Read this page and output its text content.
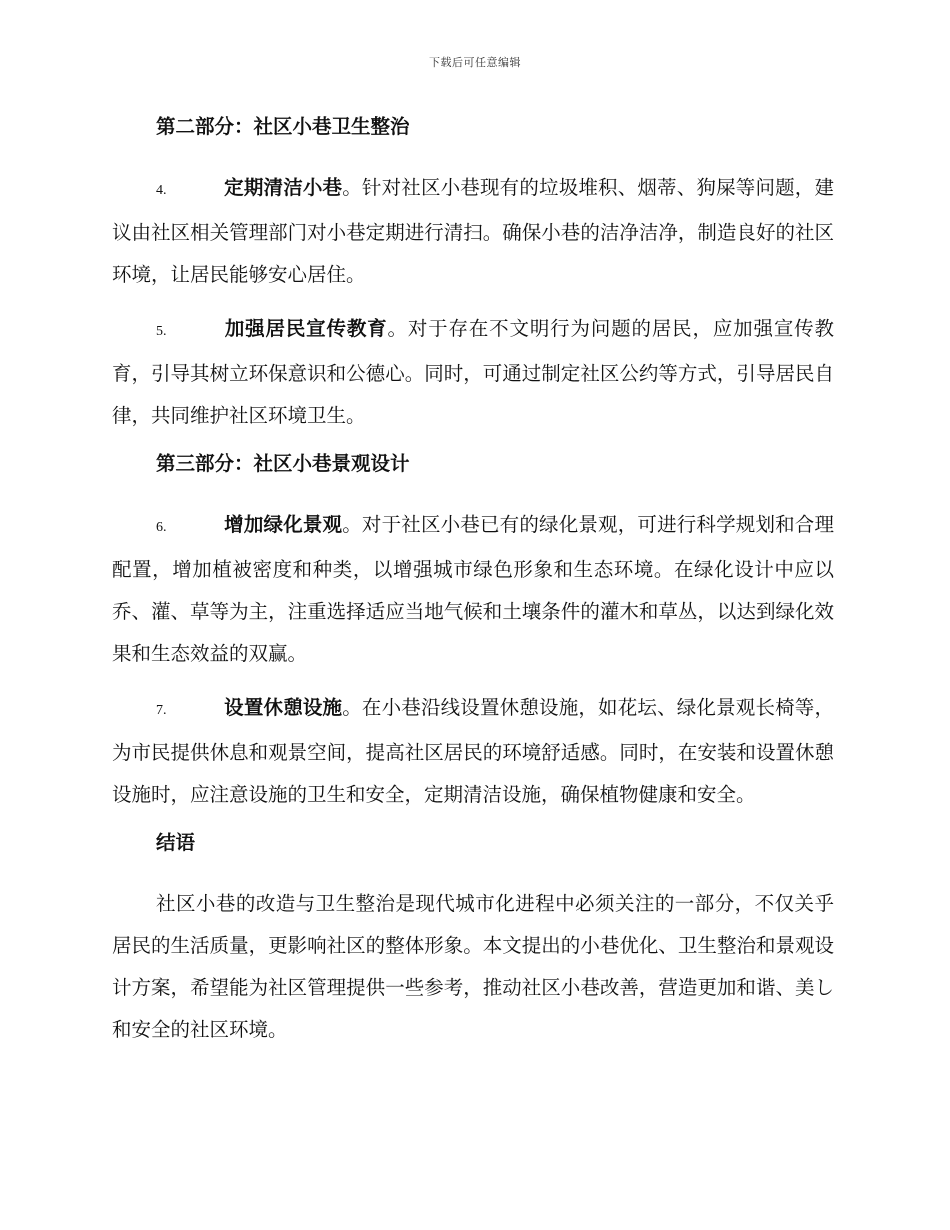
下载后可任意编辑
第二部分：社区小巷卫生整治

4.	定期清洁小巷。针对社区小巷现有的垃圾堆积、烟蒂、狗屎等问题，建议由社区相关管理部门对小巷定期进行清扫。确保小巷的洁净洁净，制造良好的社区环境，让居民能够安心居住。

5.	加强居民宣传教育。对于存在不文明行为问题的居民，应加强宣传教育，引导其树立环保意识和公德心。同时，可通过制定社区公约等方式，引导居民自律，共同维护社区环境卫生。

第三部分：社区小巷景观设计

6.	增加绿化景观。对于社区小巷已有的绿化景观，可进行科学规划和合理配置，增加植被密度和种类，以增强城市绿色形象和生态环境。在绿化设计中应以乔、灌、草等为主，注重选择适应当地气候和土壤条件的灌木和草丛，以达到绿化效果和生态效益的双赢。

7.	设置休憩设施。在小巷沿线设置休憩设施，如花坛、绿化景观长椅等，为市民提供休息和观景空间，提高社区居民的环境舒适感。同时，在安装和设置休憩设施时，应注意设施的卫生和安全，定期清洁设施，确保植物健康和安全。

结语

社区小巷的改造与卫生整治是现代城市化进程中必须关注的一部分，不仅关乎居民的生活质量，更影响社区的整体形象。本文提出的小巷优化、卫生整治和景观设计方案，希望能为社区管理提供一些参考，推动社区小巷改善，营造更加和谐、美し和安全的社区环境。
